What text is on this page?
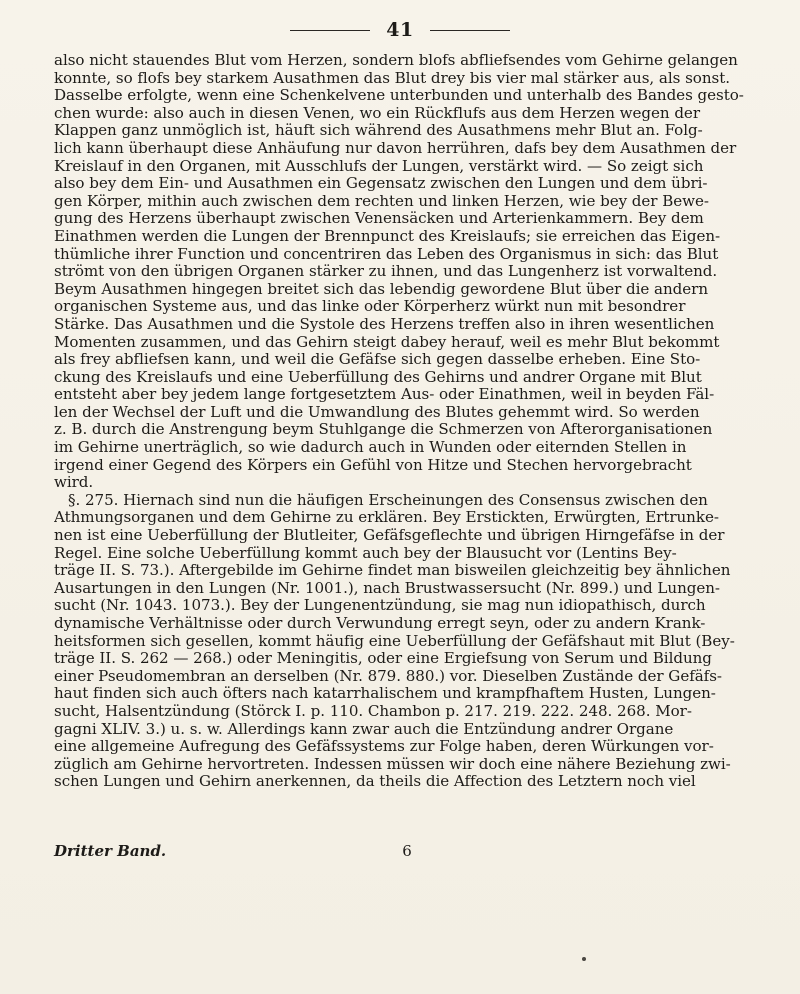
41
also nicht stauendes Blut vom Herzen, sondern blofs abfliefsendes vom Gehirne gelangen
konnte, so flofs bey starkem Ausathmen das Blut drey bis vier mal stärker aus, als sonst.
Dasselbe erfolgte, wenn eine Schenkelvene unterbunden und unterhalb des Bandes gesto-
chen wurde: also auch in diesen Venen, wo ein Rückflufs aus dem Herzen wegen der
Klappen ganz unmöglich ist, häuft sich während des Ausathmens mehr Blut an. Folg-
lich kann überhaupt diese Anhäufung nur davon herrühren, dafs bey dem Ausathmen der
Kreislauf in den Organen, mit Ausschlufs der Lungen, verstärkt wird. — So zeigt sich
also bey dem Ein- und Ausathmen ein Gegensatz zwischen den Lungen und dem übri-
gen Körper, mithin auch zwischen dem rechten und linken Herzen, wie bey der Bewe-
gung des Herzens überhaupt zwischen Venensäcken und Arterienkammern. Bey dem
Einathmen werden die Lungen der Brennpunct des Kreislaufs; sie erreichen das Eigen-
thümliche ihrer Function und concentriren das Leben des Organismus in sich: das Blut
strömt von den übrigen Organen stärker zu ihnen, und das Lungenherz ist vorwaltend.
Beym Ausathmen hingegen breitet sich das lebendig gewordene Blut über die andern
organischen Systeme aus, und das linke oder Körperherz würkt nun mit besondrer
Stärke. Das Ausathmen und die Systole des Herzens treffen also in ihren wesentlichen
Momenten zusammen, und das Gehirn steigt dabey herauf, weil es mehr Blut bekommt
als frey abfliefsen kann, und weil die Gefäfse sich gegen dasselbe erheben. Eine Sto-
ckung des Kreislaufs und eine Ueberfüllung des Gehirns und andrer Organe mit Blut
entsteht aber bey jedem lange fortgesetztem Aus- oder Einathmen, weil in beyden Fäl-
len der Wechsel der Luft und die Umwandlung des Blutes gehemmt wird. So werden
z. B. durch die Anstrengung beym Stuhlgange die Schmerzen von Afterorganisationen
im Gehirne unerträglich, so wie dadurch auch in Wunden oder eiternden Stellen in
irgend einer Gegend des Körpers ein Gefühl von Hitze und Stechen hervorgebracht
wird.
§. 275. Hiernach sind nun die häufigen Erscheinungen des Consensus zwischen den
Athmungsorganen und dem Gehirne zu erklären. Bey Erstickten, Erwürgten, Ertrunke-
nen ist eine Ueberfüllung der Blutleiter, Gefäfsgeflechte und übrigen Hirngefäfse in der
Regel. Eine solche Ueberfüllung kommt auch bey der Blausucht vor (Lentins Bey-
träge II. S. 73.). Aftergebilde im Gehirne findet man bisweilen gleichzeitig bey ähnlichen
Ausartungen in den Lungen (Nr. 1001.), nach Brustwassersucht (Nr. 899.) und Lungen-
sucht (Nr. 1043. 1073.). Bey der Lungenentzündung, sie mag nun idiopathisch, durch
dynamische Verhältnisse oder durch Verwundung erregt seyn, oder zu andern Krank-
heitsformen sich gesellen, kommt häufig eine Ueberfüllung der Gefäfshaut mit Blut (Bey-
träge II. S. 262 — 268.) oder Meningitis, oder eine Ergiefsung von Serum und Bildung
einer Pseudomembran an derselben (Nr. 879. 880.) vor. Dieselben Zustände der Gefäfs-
haut finden sich auch öfters nach katarrhalischem und krampfhaftem Husten, Lungen-
sucht, Halsentzündung (Störck I. p. 110. Chambon p. 217. 219. 222. 248. 268. Mor-
gagni XLIV. 3.) u. s. w. Allerdings kann zwar auch die Entzündung andrer Organe
eine allgemeine Aufregung des Gefäfssystems zur Folge haben, deren Würkungen vor-
züglich am Gehirne hervortreten. Indessen müssen wir doch eine nähere Beziehung zwi-
schen Lungen und Gehirn anerkennen, da theils die Affection des Letztern noch viel
Dritter Band.	6
